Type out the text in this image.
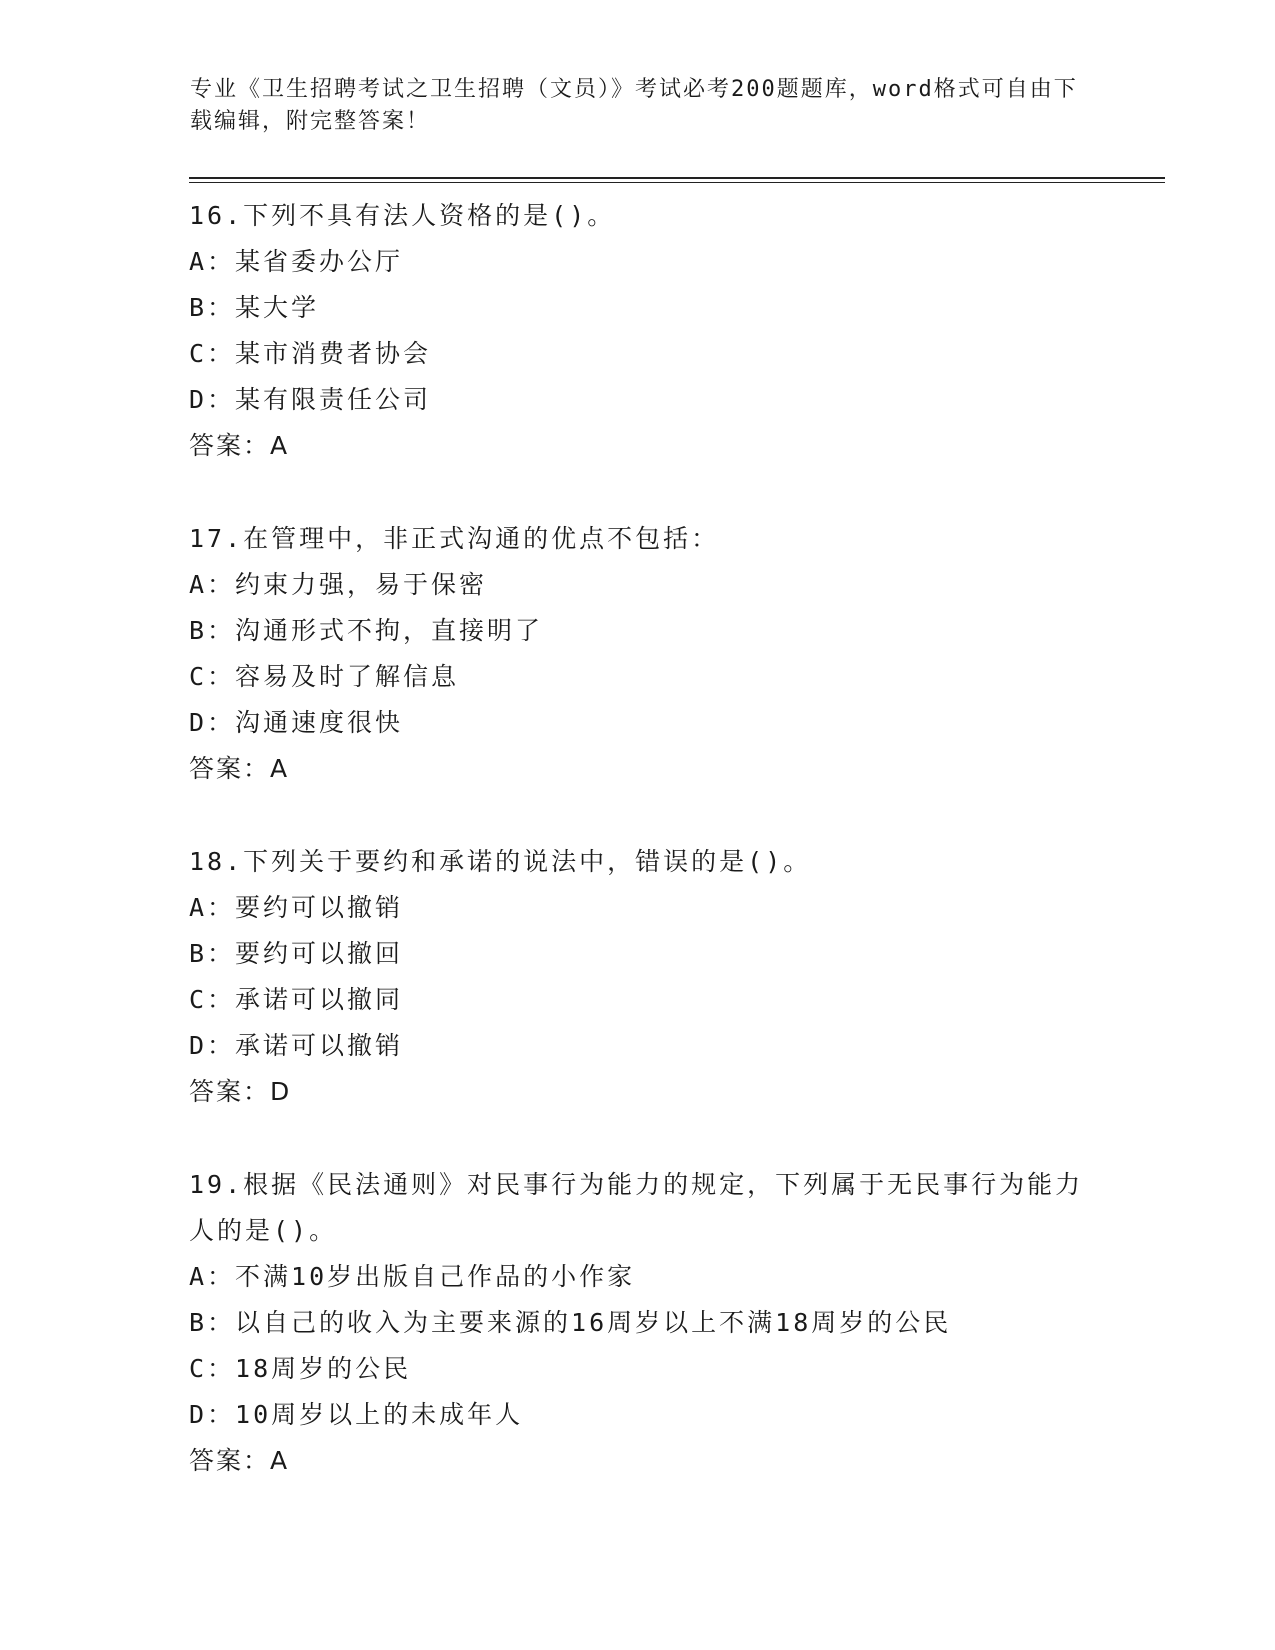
专业《卫生招聘考试之卫生招聘（文员）》考试必考200题题库，word格式可自由下载编辑，附完整答案！

16.下列不具有法人资格的是()。

A：某省委办公厅

B：某大学

C：某市消费者协会

D：某有限责任公司

答案：A

17.在管理中，非正式沟通的优点不包括：

A：约束力强，易于保密

B：沟通形式不拘，直接明了

C：容易及时了解信息

D：沟通速度很快

答案：A

18.下列关于要约和承诺的说法中，错误的是()。

A：要约可以撤销

B：要约可以撤回

C：承诺可以撤同

D：承诺可以撤销

答案：D

19.根据《民法通则》对民事行为能力的规定，下列属于无民事行为能力人的是()。

A：不满10岁出版自己作品的小作家

B：以自己的收入为主要来源的16周岁以上不满18周岁的公民

C：18周岁的公民

D：10周岁以上的未成年人

答案：A
